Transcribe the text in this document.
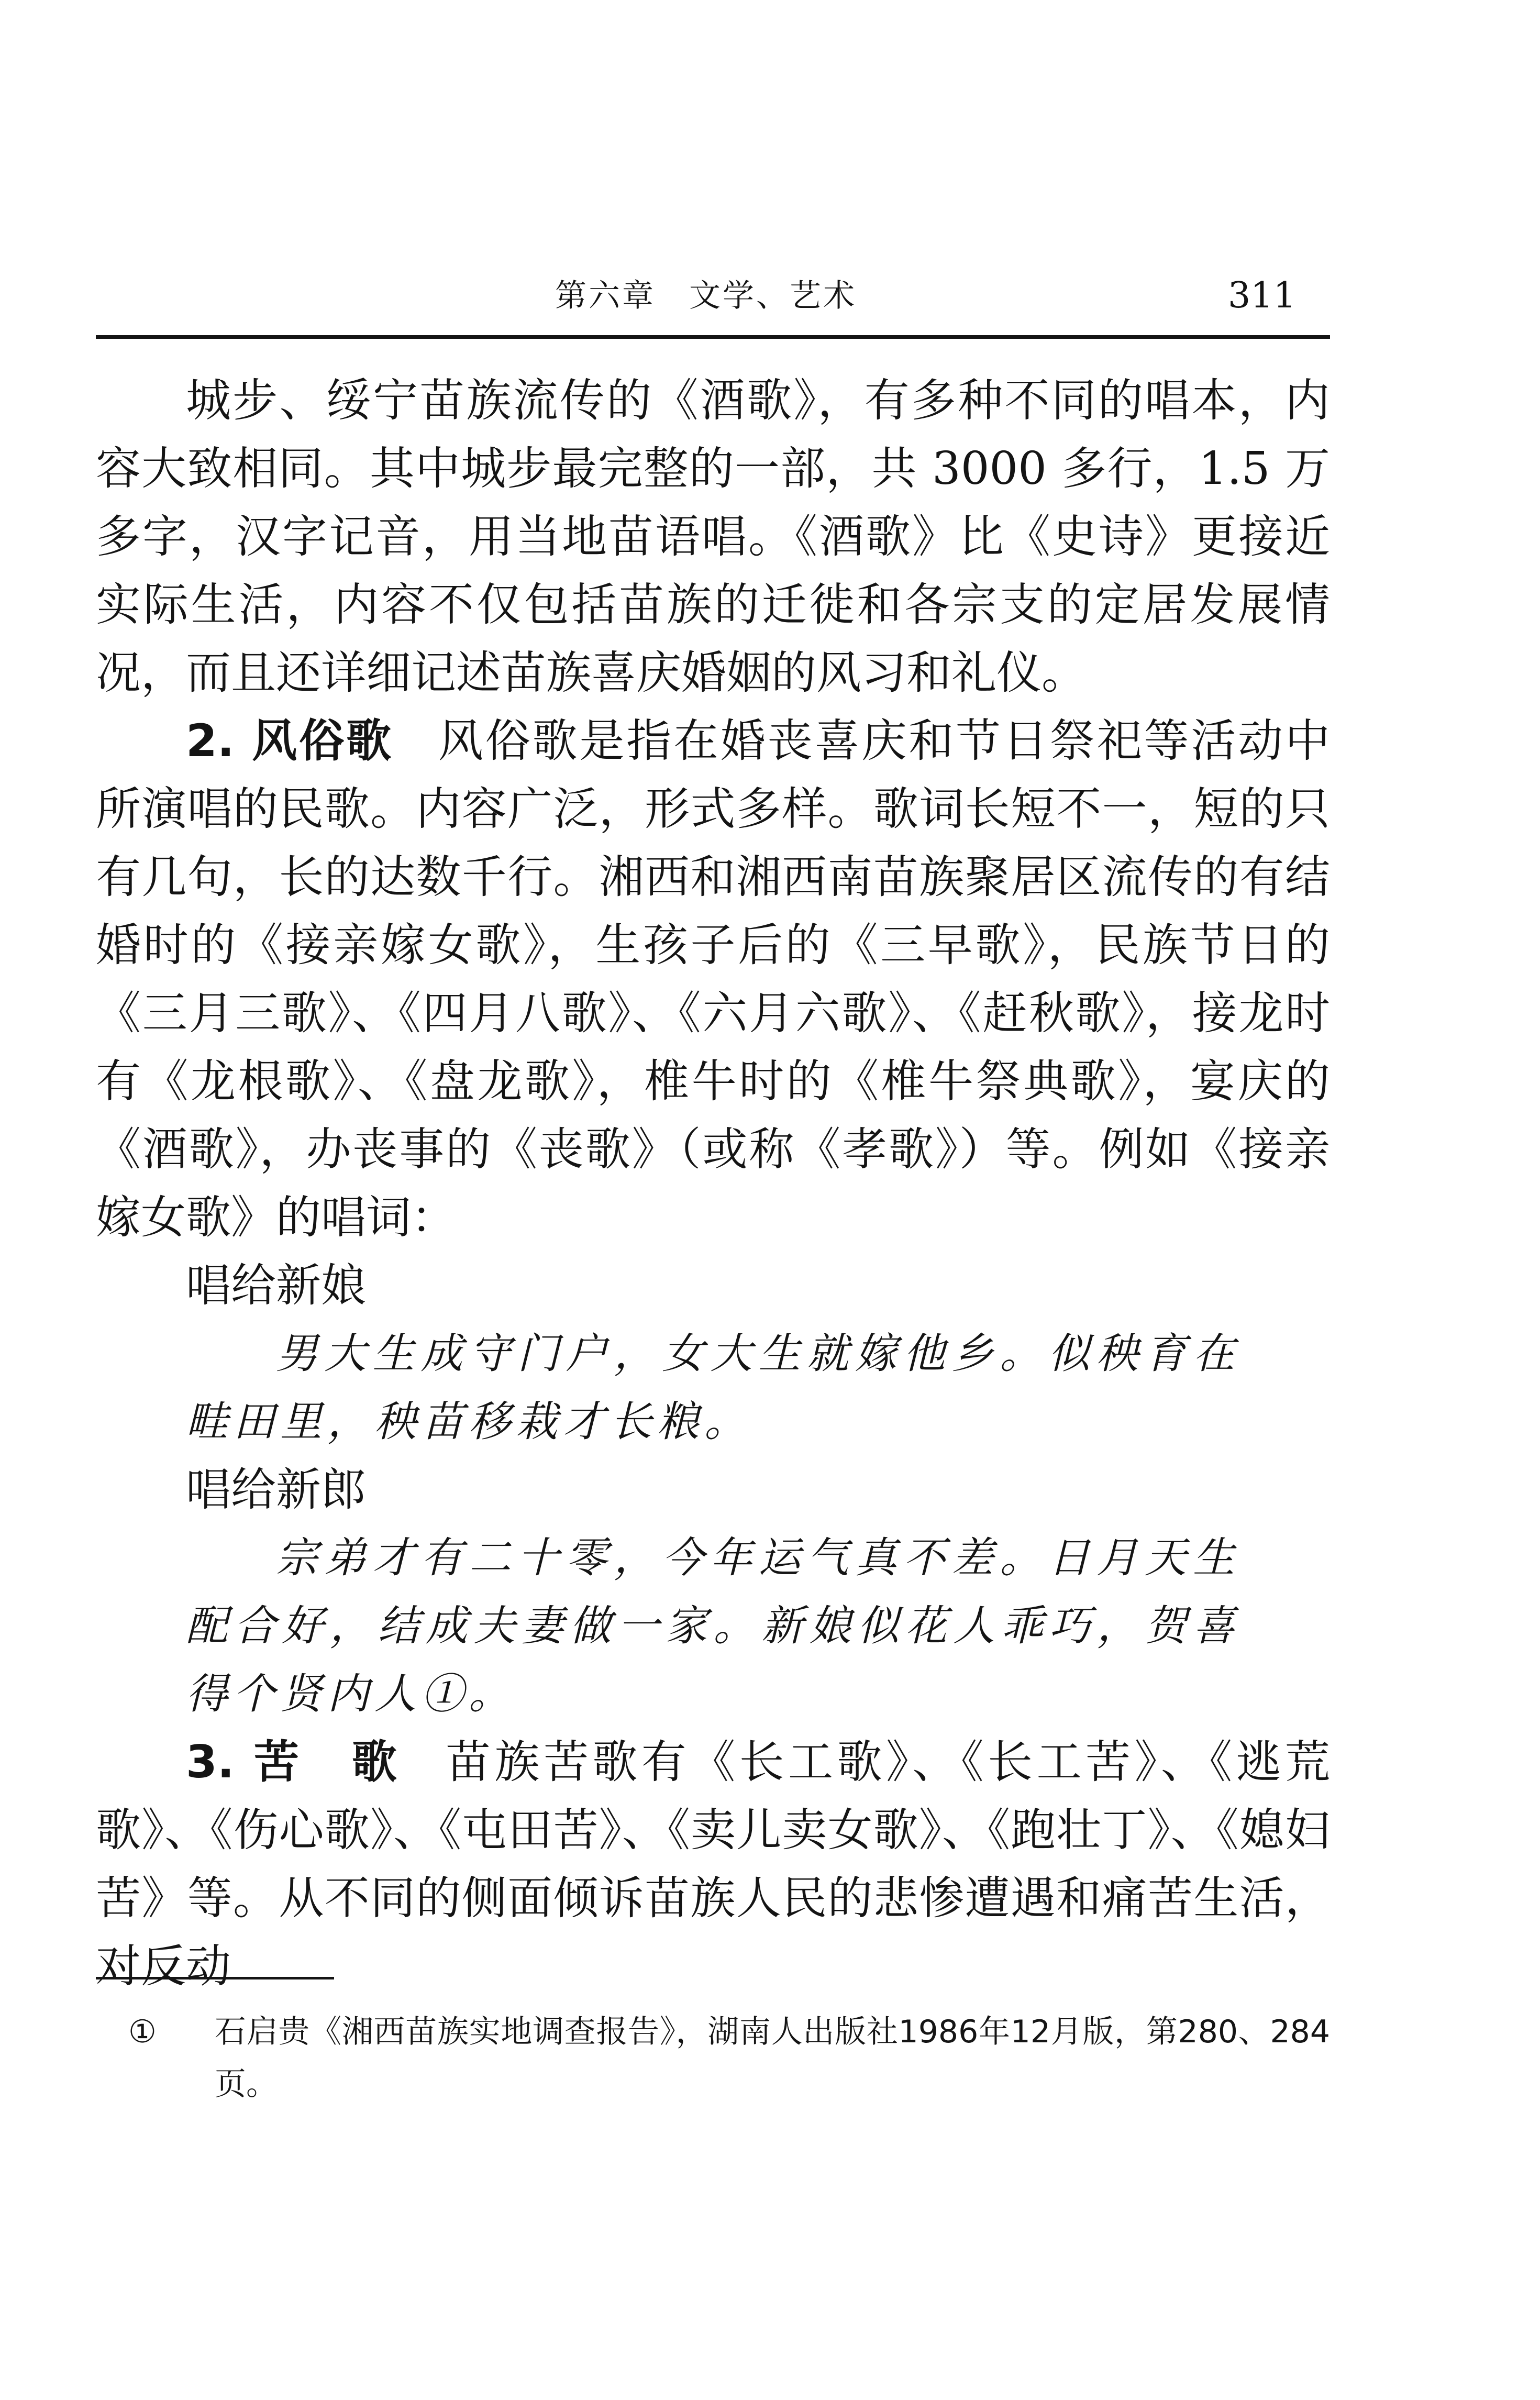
第六章　文学、艺术	311

城步、绥宁苗族流传的《酒歌》，有多种不同的唱本，内容大致相同。其中城步最完整的一部，共 3000 多行，1.5 万多字，汉字记音，用当地苗语唱。《酒歌》比《史诗》更接近实际生活，内容不仅包括苗族的迁徙和各宗支的定居发展情况，而且还详细记述苗族喜庆婚姻的风习和礼仪。

2. 风俗歌 风俗歌是指在婚丧喜庆和节日祭祀等活动中所演唱的民歌。内容广泛，形式多样。歌词长短不一，短的只有几句，长的达数千行。湘西和湘西南苗族聚居区流传的有结婚时的《接亲嫁女歌》，生孩子后的《三早歌》，民族节日的《三月三歌》、《四月八歌》、《六月六歌》、《赶秋歌》，接龙时有《龙根歌》、《盘龙歌》，椎牛时的《椎牛祭典歌》，宴庆的《酒歌》，办丧事的《丧歌》（或称《孝歌》）等。例如《接亲嫁女歌》的唱词：

唱给新娘

男大生成守门户，女大生就嫁他乡。似秧育在畦田里，秧苗移栽才长粮。

唱给新郎

宗弟才有二十零，今年运气真不差。日月天生配合好，结成夫妻做一家。新娘似花人乖巧，贺喜得个贤内人①。

3. 苦　歌 苗族苦歌有《长工歌》、《长工苦》、《逃荒歌》、《伤心歌》、《屯田苦》、《卖儿卖女歌》、《跑壮丁》、《媳妇苦》等。从不同的侧面倾诉苗族人民的悲惨遭遇和痛苦生活，对反动

① 石启贵《湘西苗族实地调查报告》，湖南人出版社1986年12月版，第280、284页。
